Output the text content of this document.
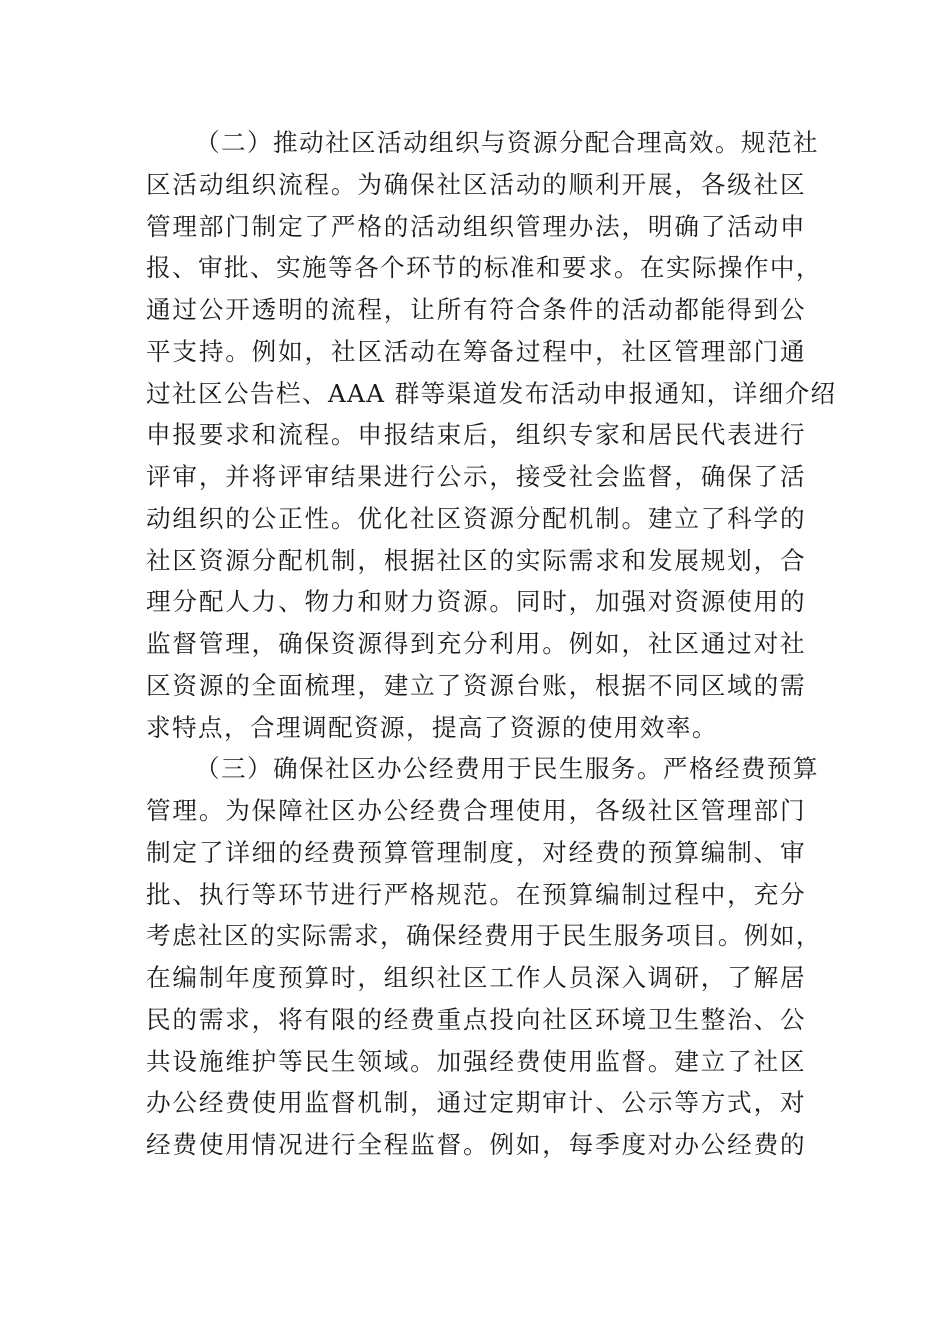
（二）推动社区活动组织与资源分配合理高效。规范社
区活动组织流程。为确保社区活动的顺利开展，各级社区
管理部门制定了严格的活动组织管理办法，明确了活动申
报、审批、实施等各个环节的标准和要求。在实际操作中，
通过公开透明的流程，让所有符合条件的活动都能得到公
平支持。例如，社区活动在筹备过程中，社区管理部门通
过社区公告栏、AAA 群等渠道发布活动申报通知，详细介绍
申报要求和流程。申报结束后，组织专家和居民代表进行
评审，并将评审结果进行公示，接受社会监督，确保了活
动组织的公正性。优化社区资源分配机制。建立了科学的
社区资源分配机制，根据社区的实际需求和发展规划，合
理分配人力、物力和财力资源。同时，加强对资源使用的
监督管理，确保资源得到充分利用。例如，社区通过对社
区资源的全面梳理，建立了资源台账，根据不同区域的需
求特点，合理调配资源，提高了资源的使用效率。
（三）确保社区办公经费用于民生服务。严格经费预算
管理。为保障社区办公经费合理使用，各级社区管理部门
制定了详细的经费预算管理制度，对经费的预算编制、审
批、执行等环节进行严格规范。在预算编制过程中，充分
考虑社区的实际需求，确保经费用于民生服务项目。例如，
在编制年度预算时，组织社区工作人员深入调研，了解居
民的需求，将有限的经费重点投向社区环境卫生整治、公
共设施维护等民生领域。加强经费使用监督。建立了社区
办公经费使用监督机制，通过定期审计、公示等方式，对
经费使用情况进行全程监督。例如，每季度对办公经费的
